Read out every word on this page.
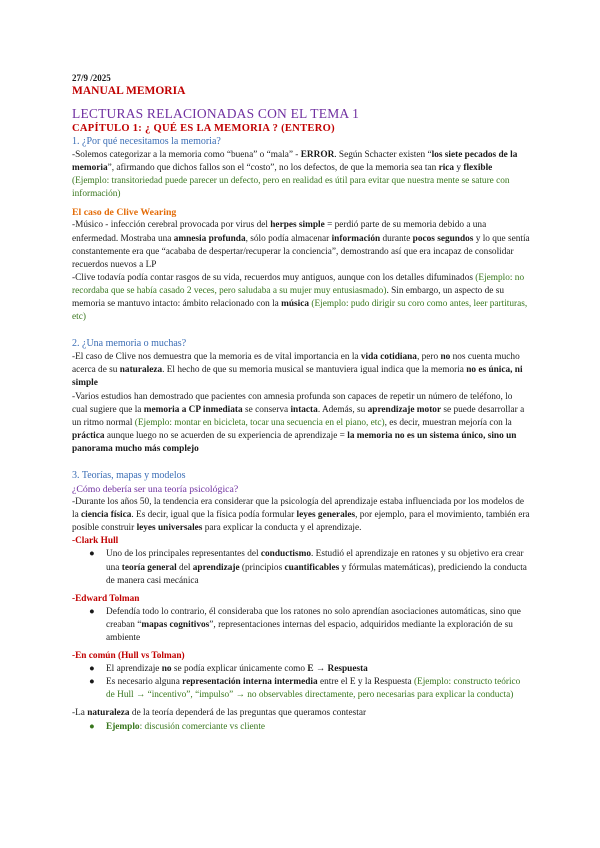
27/9 /2025

MANUAL MEMORIA

LECTURAS RELACIONADAS CON EL TEMA 1

CAPÍTULO 1: ¿ QUÉ ES LA MEMORIA ? (ENTERO)

1. ¿Por qué necesitamos la memoria?

-Solemos categorizar a la memoria como “buena” o “mala” - ERROR. Según Schacter existen “los siete pecados de la memoria”, afirmando que dichos fallos son el “costo”, no los defectos, de que la memoria sea tan rica y flexible (Ejemplo: transitoriedad puede parecer un defecto, pero en realidad es útil para evitar que nuestra mente se sature con información)

El caso de Clive Wearing

-Músico - infección cerebral provocada por virus del herpes simple = perdió parte de su memoria debido a una enfermedad. Mostraba una amnesia profunda, sólo podía almacenar información durante pocos segundos y lo que sentía constantemente era que “acababa de despertar/recuperar la conciencia”, demostrando así que era incapaz de consolidar recuerdos nuevos a LP

-Clive todavía podía contar rasgos de su vida, recuerdos muy antiguos, aunque con los detalles difuminados (Ejemplo: no recordaba que se había casado 2 veces, pero saludaba a su mujer muy entusiasmado). Sin embargo, un aspecto de su memoria se mantuvo intacto: ámbito relacionado con la música (Ejemplo: pudo dirigir su coro como antes, leer partituras, etc)

2. ¿Una memoria o muchas?

-El caso de Clive nos demuestra que la memoria es de vital importancia en la vida cotidiana, pero no nos cuenta mucho acerca de su naturaleza. El hecho de que su memoria musical se mantuviera igual indica que la memoria no es única, ni simple

-Varios estudios han demostrado que pacientes con amnesia profunda son capaces de repetir un número de teléfono, lo cual sugiere que la memoria a CP inmediata se conserva intacta. Además, su aprendizaje motor se puede desarrollar a un ritmo normal (Ejemplo: montar en bicicleta, tocar una secuencia en el piano, etc), es decir, muestran mejoría con la práctica aunque luego no se acuerden de su experiencia de aprendizaje = la memoria no es un sistema único, sino un panorama mucho más complejo

3. Teorías, mapas y modelos

¿Cómo debería ser una teoría psicológica?

-Durante los años 50, la tendencia era considerar que la psicología del aprendizaje estaba influenciada por los modelos de la ciencia física. Es decir, igual que la física podía formular leyes generales, por ejemplo, para el movimiento, también era posible construir leyes universales para explicar la conducta y el aprendizaje.

-Clark Hull

● Uno de los principales representantes del conductismo. Estudió el aprendizaje en ratones y su objetivo era crear una teoría general del aprendizaje (principios cuantificables y fórmulas matemáticas), prediciendo la conducta de manera casi mecánica

-Edward Tolman

● Defendía todo lo contrario, él consideraba que los ratones no solo aprendían asociaciones automáticas, sino que creaban “mapas cognitivos”, representaciones internas del espacio, adquiridos mediante la exploración de su ambiente

-En común (Hull vs Tolman)

● El aprendizaje no se podía explicar únicamente como E → Respuesta
● Es necesario alguna representación interna intermedia entre el E y la Respuesta (Ejemplo: constructo teórico de Hull → “incentivo”, “impulso” → no observables directamente, pero necesarias para explicar la conducta)

-La naturaleza de la teoría dependerá de las preguntas que queramos contestar

● Ejemplo: discusión comerciante vs cliente
